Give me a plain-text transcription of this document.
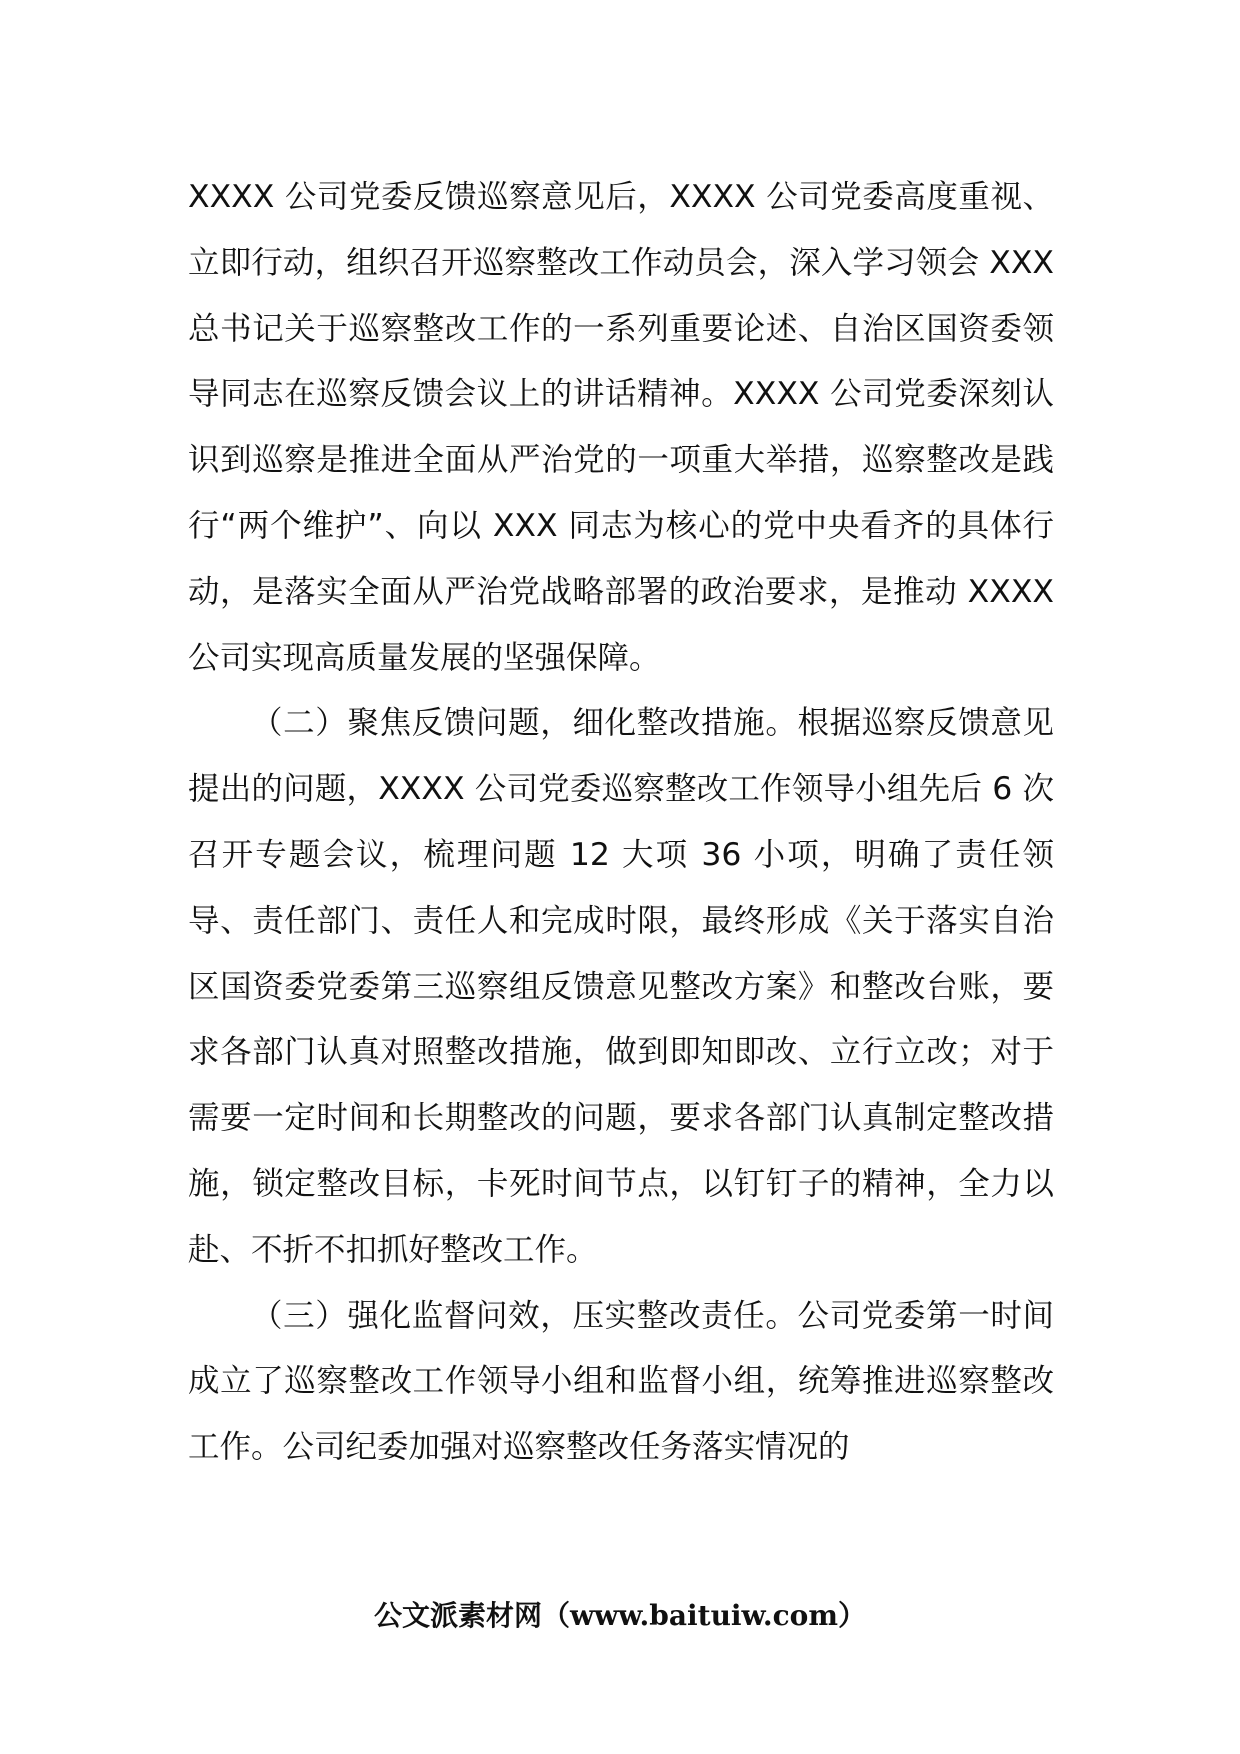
XXXX 公司党委反馈巡察意见后，XXXX 公司党委高度重视、立即行动，组织召开巡察整改工作动员会，深入学习领会 XXX 总书记关于巡察整改工作的一系列重要论述、自治区国资委领导同志在巡察反馈会议上的讲话精神。XXXX 公司党委深刻认识到巡察是推进全面从严治党的一项重大举措，巡察整改是践行“两个维护”、向以 XXX 同志为核心的党中央看齐的具体行动，是落实全面从严治党战略部署的政治要求，是推动 XXXX 公司实现高质量发展的坚强保障。

（二）聚焦反馈问题，细化整改措施。根据巡察反馈意见提出的问题，XXXX 公司党委巡察整改工作领导小组先后 6 次召开专题会议，梳理问题 12 大项 36 小项，明确了责任领导、责任部门、责任人和完成时限，最终形成《关于落实自治区国资委党委第三巡察组反馈意见整改方案》和整改台账，要求各部门认真对照整改措施，做到即知即改、立行立改；对于需要一定时间和长期整改的问题，要求各部门认真制定整改措施，锁定整改目标，卡死时间节点，以钉钉子的精神，全力以赴、不折不扣抓好整改工作。

（三）强化监督问效，压实整改责任。公司党委第一时间成立了巡察整改工作领导小组和监督小组，统筹推进巡察整改工作。公司纪委加强对巡察整改任务落实情况的

公文派素材网（www.baituiw.com）
